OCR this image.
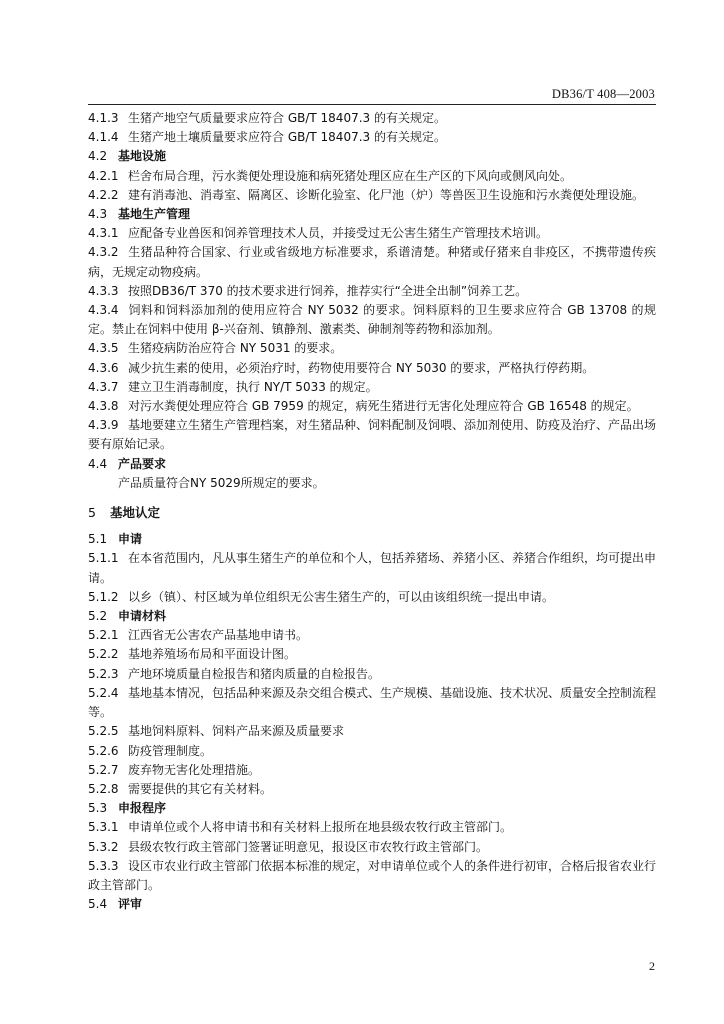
DB36/T 408—2003
4.1.3 生猪产地空气质量要求应符合 GB/T 18407.3 的有关规定。
4.1.4 生猪产地土壤质量要求应符合 GB/T 18407.3 的有关规定。
4.2 基地设施
4.2.1 栏舍布局合理，污水粪便处理设施和病死猪处理区应在生产区的下风向或侧风向处。
4.2.2 建有消毒池、消毒室、隔离区、诊断化验室、化尸池（炉）等兽医卫生设施和污水粪便处理设施。
4.3 基地生产管理
4.3.1 应配备专业兽医和饲养管理技术人员，并接受过无公害生猪生产管理技术培训。
4.3.2 生猪品种符合国家、行业或省级地方标准要求，系谱清楚。种猪或仔猪来自非疫区，不携带遗传疾病，无规定动物疫病。
4.3.3 按照DB36/T 370 的技术要求进行饲养，推荐实行“全进全出制”饲养工艺。
4.3.4 饲料和饲料添加剂的使用应符合 NY 5032 的要求。饲料原料的卫生要求应符合 GB 13708 的规定。禁止在饲料中使用 β-兴奋剂、镇静剂、激素类、砷制剂等药物和添加剂。
4.3.5 生猪疫病防治应符合 NY 5031 的要求。
4.3.6 减少抗生素的使用，必须治疗时，药物使用要符合 NY 5030 的要求，严格执行停药期。
4.3.7 建立卫生消毒制度，执行 NY/T 5033 的规定。
4.3.8 对污水粪便处理应符合 GB 7959 的规定，病死生猪进行无害化处理应符合 GB 16548 的规定。
4.3.9 基地要建立生猪生产管理档案，对生猪品种、饲料配制及饲喂、添加剂使用、防疫及治疗、产品出场要有原始记录。
4.4 产品要求
产品质量符合NY 5029所规定的要求。
5 基地认定
5.1 申请
5.1.1 在本省范围内，凡从事生猪生产的单位和个人，包括养猪场、养猪小区、养猪合作组织，均可提出申请。
5.1.2 以乡（镇）、村区域为单位组织无公害生猪生产的，可以由该组织统一提出申请。
5.2 申请材料
5.2.1 江西省无公害农产品基地申请书。
5.2.2 基地养殖场布局和平面设计图。
5.2.3 产地环境质量自检报告和猪肉质量的自检报告。
5.2.4 基地基本情况，包括品种来源及杂交组合模式、生产规模、基础设施、技术状况、质量安全控制流程等。
5.2.5 基地饲料原料、饲料产品来源及质量要求
5.2.6 防疫管理制度。
5.2.7 废弃物无害化处理措施。
5.2.8 需要提供的其它有关材料。
5.3 申报程序
5.3.1 申请单位或个人将申请书和有关材料上报所在地县级农牧行政主管部门。
5.3.2 县级农牧行政主管部门签署证明意见，报设区市农牧行政主管部门。
5.3.3 设区市农业行政主管部门依据本标准的规定，对申请单位或个人的条件进行初审，合格后报省农业行政主管部门。
5.4 评审
2
